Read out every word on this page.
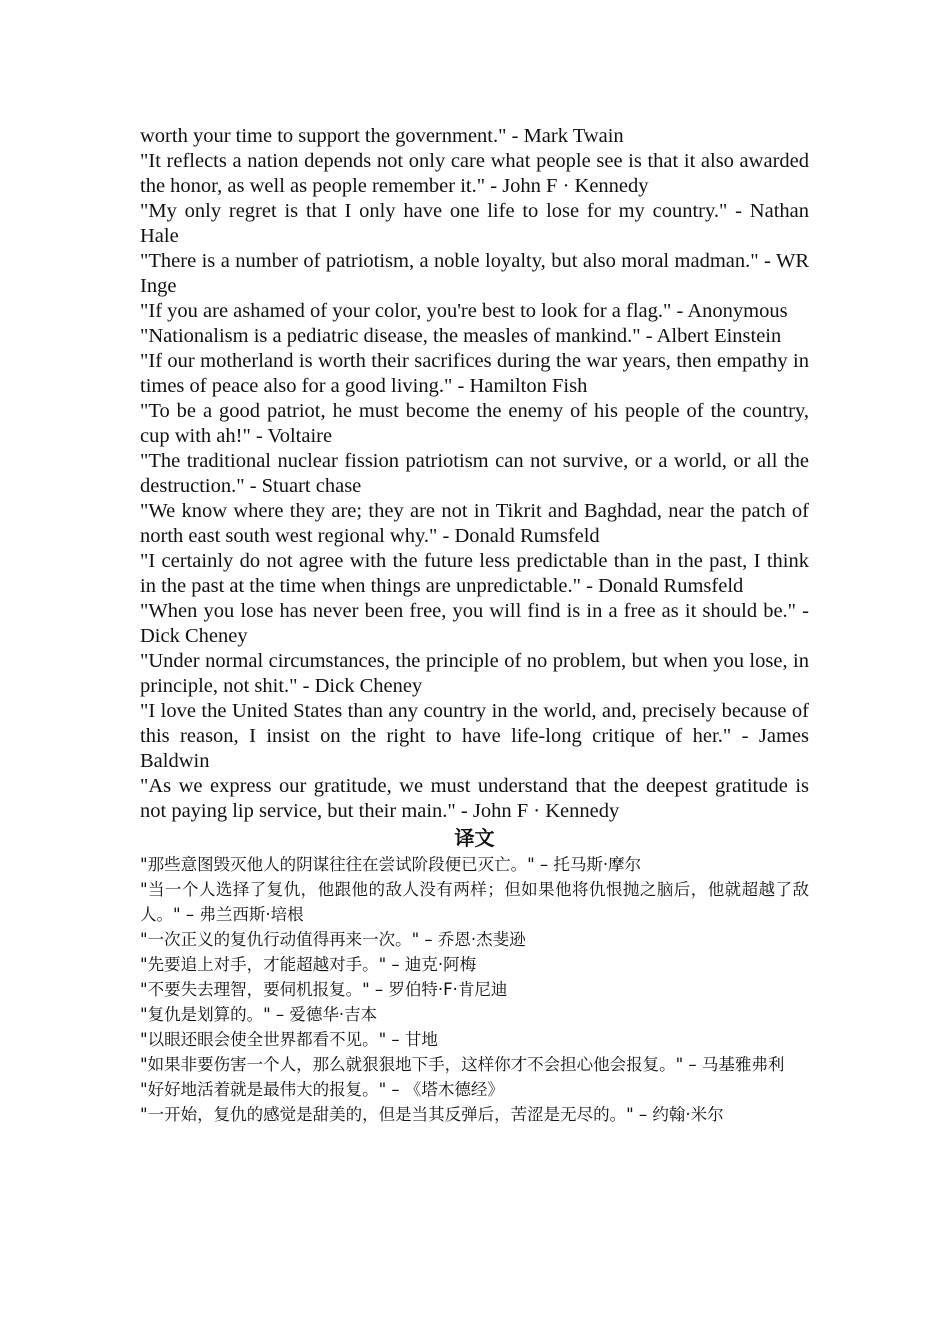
worth your time to support the government." - Mark Twain

"It reflects a nation depends not only care what people see is that it also awarded the honor, as well as people remember it." - John F · Kennedy

"My only regret is that I only have one life to lose for my country." - Nathan Hale

"There is a number of patriotism, a noble loyalty, but also moral madman." - WR Inge

"If you are ashamed of your color, you're best to look for a flag." - Anonymous

"Nationalism is a pediatric disease, the measles of mankind." - Albert Einstein

"If our motherland is worth their sacrifices during the war years, then empathy in times of peace also for a good living." - Hamilton Fish

"To be a good patriot, he must become the enemy of his people of the country, cup with ah!" - Voltaire

"The traditional nuclear fission patriotism can not survive, or a world, or all the destruction." - Stuart chase

"We know where they are; they are not in Tikrit and Baghdad, near the patch of north east south west regional why." - Donald Rumsfeld

"I certainly do not agree with the future less predictable than in the past, I think in the past at the time when things are unpredictable." - Donald Rumsfeld

"When you lose has never been free, you will find is in a free as it should be." - Dick Cheney

"Under normal circumstances, the principle of no problem, but when you lose, in principle, not shit." - Dick Cheney

"I love the United States than any country in the world, and, precisely because of this reason, I insist on the right to have life-long critique of her." - James Baldwin

"As we express our gratitude, we must understand that the deepest gratitude is not paying lip service, but their main." - John F · Kennedy

译文

"那些意图毁灭他人的阴谋往往在尝试阶段便已灭亡。" – 托马斯·摩尔

"当一个人选择了复仇，他跟他的敌人没有两样；但如果他将仇恨抛之脑后，他就超越了敌人。" – 弗兰西斯·培根

"一次正义的复仇行动值得再来一次。" – 乔恩·杰斐逊

"先要追上对手，才能超越对手。" – 迪克·阿梅

"不要失去理智，要伺机报复。" – 罗伯特·F·肯尼迪

"复仇是划算的。" – 爱德华·吉本

"以眼还眼会使全世界都看不见。" – 甘地

"如果非要伤害一个人，那么就狠狠地下手，这样你才不会担心他会报复。" – 马基雅弗利

"好好地活着就是最伟大的报复。" – 《塔木德经》

"一开始，复仇的感觉是甜美的，但是当其反弹后，苦涩是无尽的。" – 约翰·米尔
